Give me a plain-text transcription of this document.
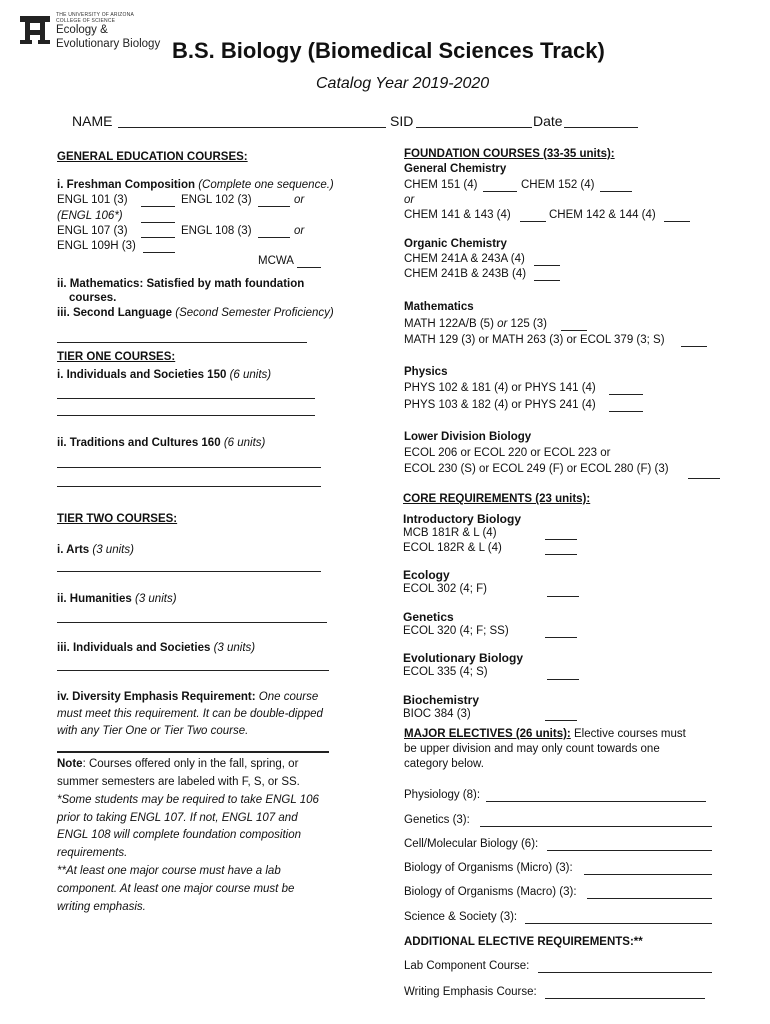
THE UNIVERSITY OF ARIZONA
COLLEGE OF SCIENCE
Ecology &
Evolutionary Biology B.S. Biology (Biomedical Sciences Track)
Catalog Year 2019-2020
NAME	SID	Date
GENERAL EDUCATION COURSES:
i. Freshman Composition (Complete one sequence.)
ENGL 101 (3)	ENGL 102 (3)	or
(ENGL 106*)
ENGL 107 (3)	ENGL 108 (3)	or
ENGL 109H (3)
MCWA
ii. Mathematics: Satisfied by math foundation
courses.
iii. Second Language (Second Semester Proficiency)
TIER ONE COURSES:
i. Individuals and Societies 150 (6 units)
ii. Traditions and Cultures 160 (6 units)
TIER TWO COURSES:
i. Arts (3 units)
ii. Humanities (3 units)
iii. Individuals and Societies (3 units)
iv. Diversity Emphasis Requirement: One course
must meet this requirement. It can be double-dipped
with any Tier One or Tier Two course.
Note: Courses offered only in the fall, spring, or
summer semesters are labeled with F, S, or SS.
*Some students may be required to take ENGL 106
prior to taking ENGL 107. If not, ENGL 107 and
ENGL 108 will complete foundation composition
requirements.
**At least one major course must have a lab
component. At least one major course must be
writing emphasis.
FOUNDATION COURSES (33-35 units):
General Chemistry
CHEM 151 (4)	CHEM 152 (4)
or
CHEM 141 & 143 (4)	CHEM 142 & 144 (4)
Organic Chemistry
CHEM 241A & 243A (4)
CHEM 241B & 243B (4)
Mathematics
MATH 122A/B (5) or 125 (3)
MATH 129 (3) or MATH 263 (3) or ECOL 379 (3; S)
Physics
PHYS 102 & 181 (4) or PHYS 141 (4)
PHYS 103 & 182 (4) or PHYS 241 (4)
Lower Division Biology
ECOL 206 or ECOL 220 or ECOL 223 or
ECOL 230 (S) or ECOL 249 (F) or ECOL 280 (F) (3)
CORE REQUIREMENTS (23 units):
Introductory Biology
MCB 181R & L (4)
ECOL 182R & L (4)
Ecology
ECOL 302 (4; F)
Genetics
ECOL 320 (4; F; SS)
Evolutionary Biology
ECOL 335 (4; S)
Biochemistry
BIOC 384 (3)
MAJOR ELECTIVES (26 units): Elective courses must
be upper division and may only count towards one
category below.
Physiology (8):
Genetics (3):
Cell/Molecular Biology (6):
Biology of Organisms (Micro) (3):
Biology of Organisms (Macro) (3):
Science & Society (3):
ADDITIONAL ELECTIVE REQUIREMENTS:**
Lab Component Course:
Writing Emphasis Course:
